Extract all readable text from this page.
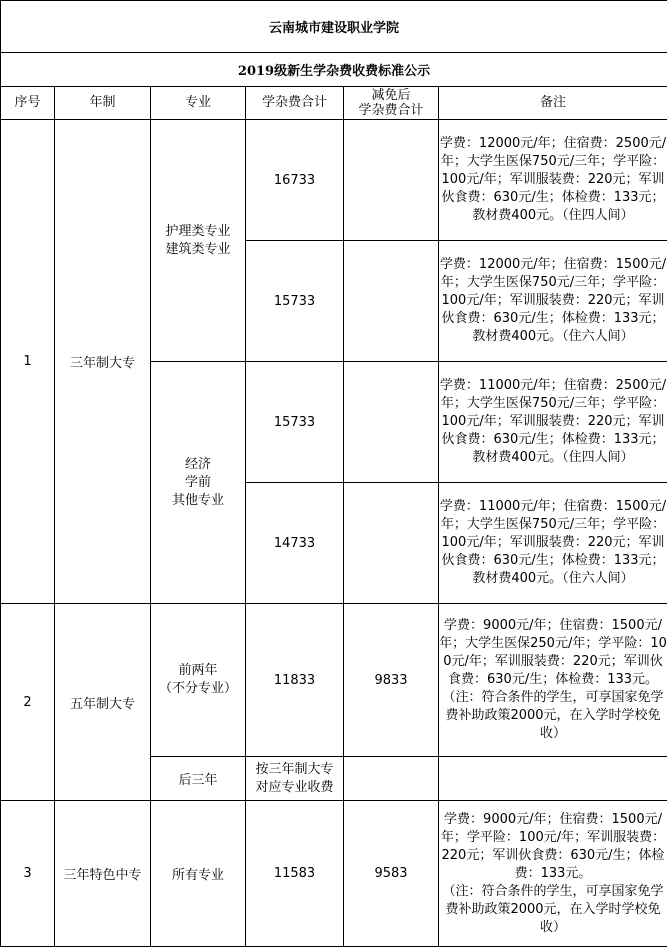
云南城市建设职业学院					
2019级新生学杂费收费标准公示					
序号	年制	专业	学杂费合计	减免后
学杂费合计	备注
1	三年制大专	护理类专业
建筑类专业	16733		学费：12000元/年；住宿费：2500元/年；大学生医保750元/三年；学平险：100元/年；军训服装费：220元；军训伙食费：630元/生；体检费：133元；教材费400元。（住四人间）
			15733		学费：12000元/年；住宿费：1500元/年；大学生医保750元/三年；学平险：100元/年；军训服装费：220元；军训伙食费：630元/生；体检费：133元；教材费400元。（住六人间）
		经济
学前
其他专业	15733		学费：11000元/年；住宿费：2500元/年；大学生医保750元/三年；学平险：100元/年；军训服装费：220元；军训伙食费：630元/生；体检费：133元；教材费400元。（住四人间）
			14733		学费：11000元/年；住宿费：1500元/年；大学生医保750元/三年；学平险：100元/年；军训服装费：220元；军训伙食费：630元/生；体检费：133元；教材费400元。（住六人间）
2	五年制大专	前两年
（不分专业）	11833	9833	学费：9000元/年；住宿费：1500元/年；大学生医保250元/年；学平险：100元/年；军训服装费：220元；军训伙食费：630元/生；体检费：133元。
（注：符合条件的学生，可享国家免学费补助政策2000元，在入学时学校免收）
		后三年	按三年制大专
对应专业收费		
3	三年特色中专	所有专业	11583	9583	学费：9000元/年；住宿费：1500元/年；学平险：100元/年；军训服装费：220元；军训伙食费：630元/生；体检费：133元。
（注：符合条件的学生，可享国家免学费补助政策2000元，在入学时学校免收）
